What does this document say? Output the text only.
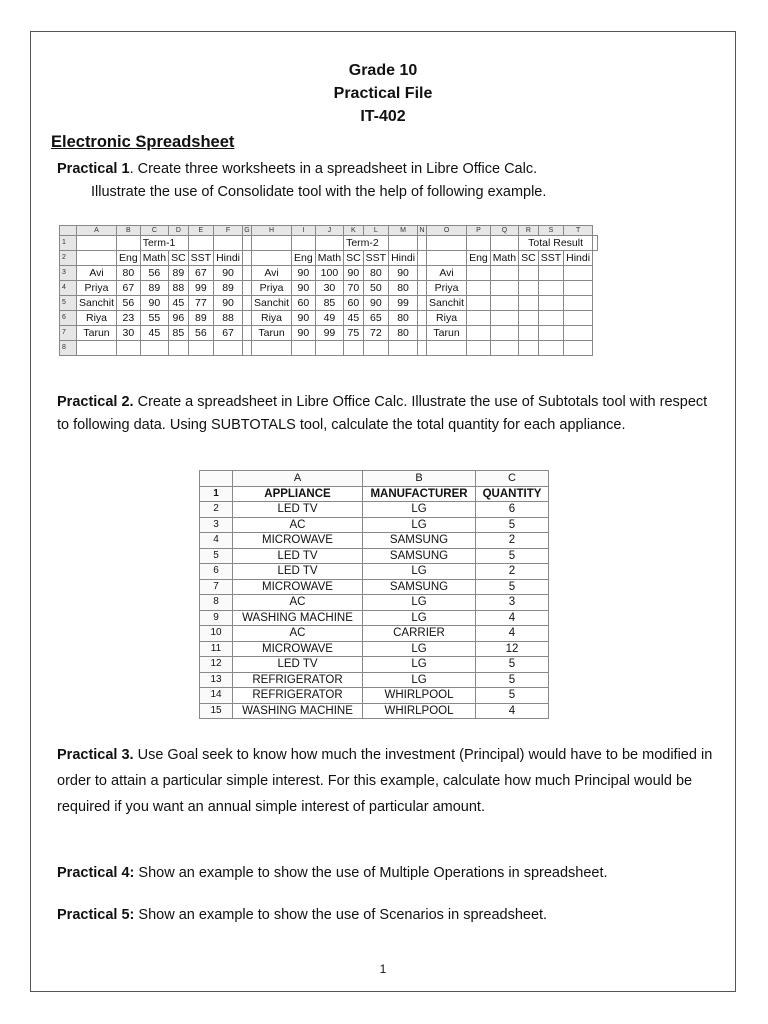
Grade 10
Practical File
IT-402
Electronic Spreadsheet
Practical 1. Create three worksheets in a spreadsheet in Libre Office Calc.
Illustrate the use of Consolidate tool with the help of following example.
	A	B	C	D	E	F	G	H	I	J	K	L	M	N	O	P	Q	R	S	T	
1			Term-1								Term-2							Total Result			
2		Eng	Math	SC	SST	Hindi			Eng	Math	SC	SST	Hindi			Eng	Math	SC	SST	Hindi	
3	Avi	80	56	89	67	90		Avi	90	100	90	80	90		Avi						
4	Priya	67	89	88	99	89		Priya	90	30	70	50	80		Priya						
5	Sanchit	56	90	45	77	90		Sanchit	60	85	60	90	99		Sanchit						
6	Riya	23	55	96	89	88		Riya	90	49	45	65	80		Riya						
7	Tarun	30	45	85	56	67		Tarun	90	99	75	72	80		Tarun						
8																					
Practical 2. Create a spreadsheet in Libre Office Calc. Illustrate the use of Subtotals tool with respect to following data. Using SUBTOTALS tool, calculate the total quantity for each appliance.
	A	B	C
1	APPLIANCE	MANUFACTURER	QUANTITY
2	LED TV	LG	6
3	AC	LG	5
4	MICROWAVE	SAMSUNG	2
5	LED TV	SAMSUNG	5
6	LED TV	LG	2
7	MICROWAVE	SAMSUNG	5
8	AC	LG	3
9	WASHING MACHINE	LG	4
10	AC	CARRIER	4
11	MICROWAVE	LG	12
12	LED TV	LG	5
13	REFRIGERATOR	LG	5
14	REFRIGERATOR	WHIRLPOOL	5
15	WASHING MACHINE	WHIRLPOOL	4
Practical 3. Use Goal seek to know how much the investment (Principal) would have to be modified in order to attain a particular simple interest. For this example, calculate how much Principal would be required if you want an annual simple interest of particular amount.
Practical 4: Show an example to show the use of Multiple Operations in spreadsheet.
Practical 5: Show an example to show the use of Scenarios in spreadsheet.
1
